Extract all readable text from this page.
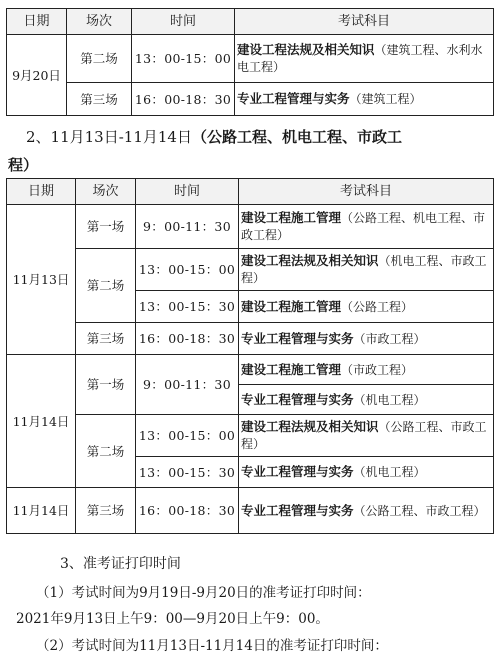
日期	场次	时间	考试科目
9月20日	第二场	13：00-15：00	建设工程法规及相关知识（建筑工程、水利水电工程）
	第三场	16：00-18：30	专业工程管理与实务（建筑工程）
2、11月13日-11月14日（公路工程、机电工程、市政工
程）
日期	场次	时间	考试科目
11月13日	第一场	9：00-11：30	建设工程施工管理（公路工程、机电工程、市政工程）
	第二场	13：00-15：00	建设工程法规及相关知识（机电工程、市政工程）
		13：00-15：30	建设工程施工管理（公路工程）
	第三场	16：00-18：30	专业工程管理与实务（市政工程）
11月14日	第一场	9：00-11：30	建设工程施工管理（市政工程）
			专业工程管理与实务（机电工程）
	第二场	13：00-15：00	建设工程法规及相关知识（公路工程、市政工程）
		13：00-15：30	专业工程管理与实务（机电工程）
11月14日	第三场	16：00-18：30	专业工程管理与实务（公路工程、市政工程）
3、准考证打印时间
（1）考试时间为9月19日-9月20日的准考证打印时间：
2021年9月13日上午9：00—9月20日上午9：00。
（2）考试时间为11月13日-11月14日的准考证打印时间：
